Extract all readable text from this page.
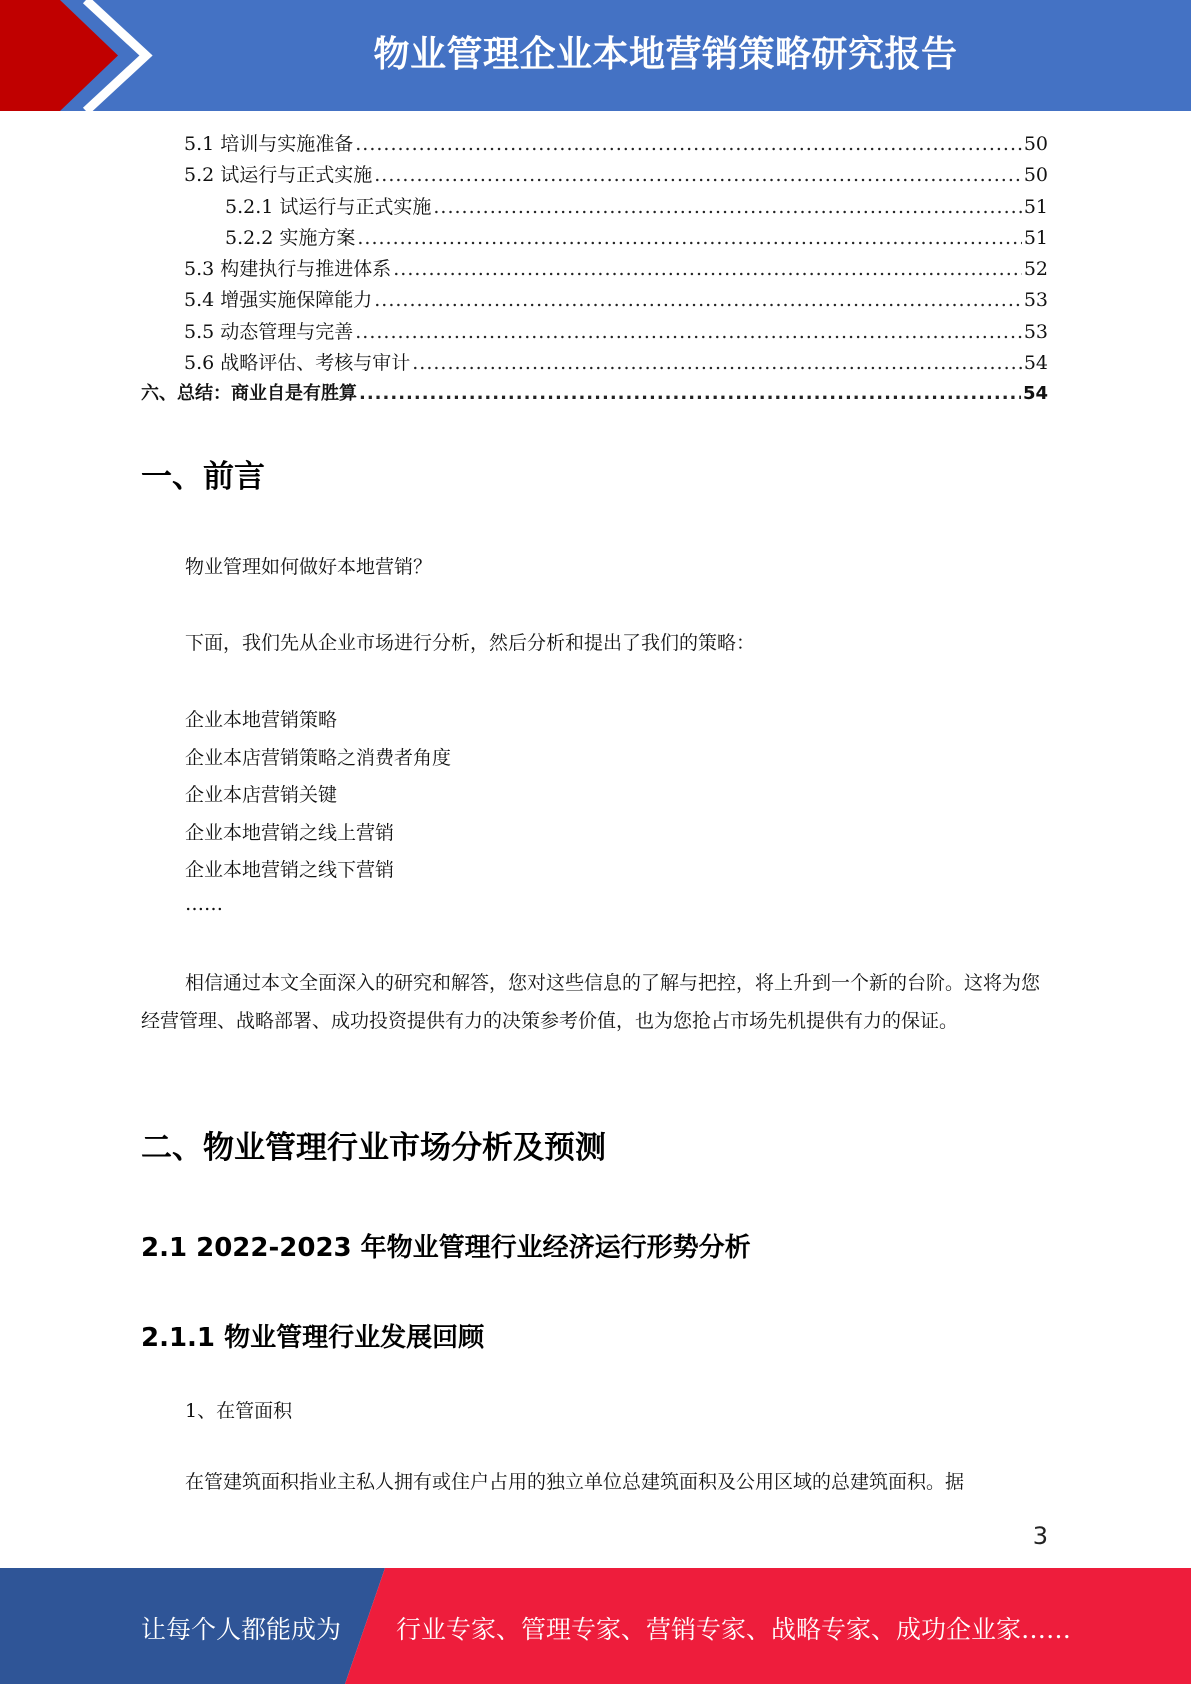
物业管理企业本地营销策略研究报告
5.1 培训与实施准备 .....	50
5.2 试运行与正式实施 .....	50
5.2.1 试运行与正式实施 .....	51
5.2.2 实施方案 .....	51
5.3 构建执行与推进体系 .....	52
5.4 增强实施保障能力 .....	53
5.5 动态管理与完善 .....	53
5.6 战略评估、考核与审计 .....	54
六、总结：商业自是有胜算 .....	54
一、前言
物业管理如何做好本地营销？
下面，我们先从企业市场进行分析，然后分析和提出了我们的策略：
企业本地营销策略
企业本店营销策略之消费者角度
企业本店营销关键
企业本地营销之线上营销
企业本地营销之线下营销
……
相信通过本文全面深入的研究和解答，您对这些信息的了解与把控，将上升到一个新的台阶。这将为您经营管理、战略部署、成功投资提供有力的决策参考价值，也为您抢占市场先机提供有力的保证。
二、物业管理行业市场分析及预测
2.1 2022-2023 年物业管理行业经济运行形势分析
2.1.1 物业管理行业发展回顾
1、在管面积
在管建筑面积指业主私人拥有或住户占用的独立单位总建筑面积及公用区域的总建筑面积。据
3
让每个人都能成为 行业专家、管理专家、营销专家、战略专家、成功企业家……
